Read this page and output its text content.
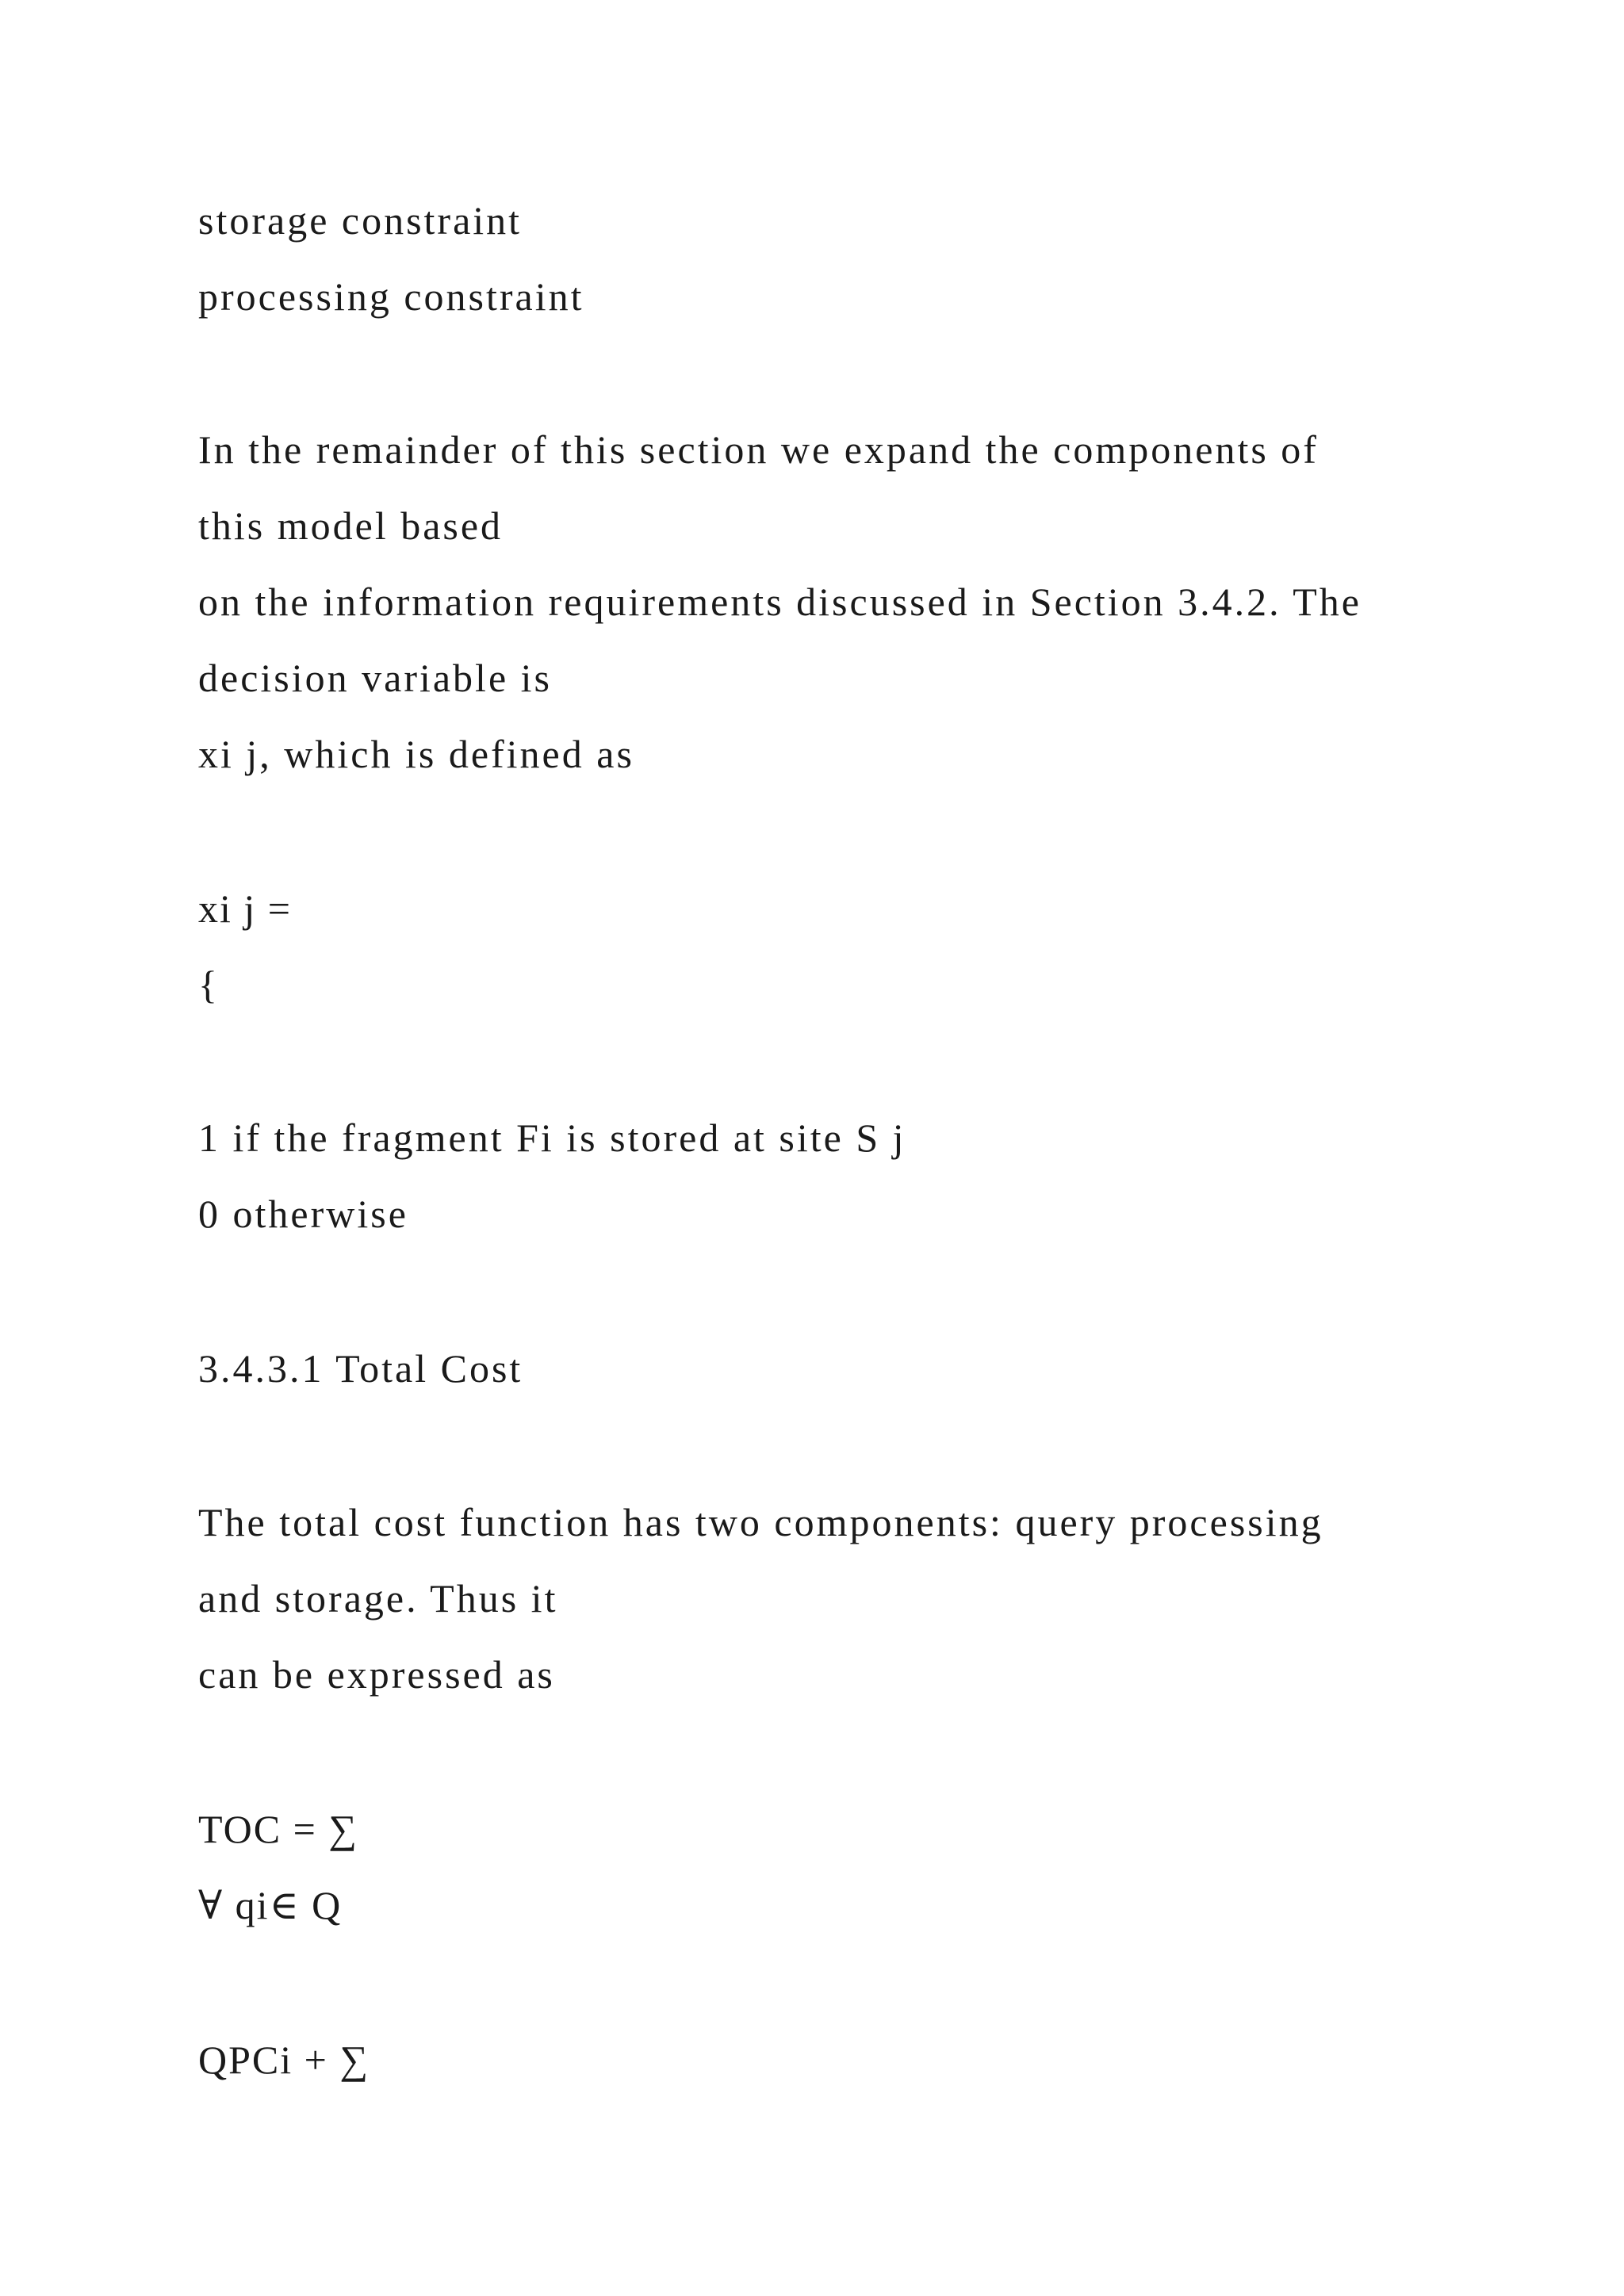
storage constraint

processing constraint

In the remainder of this section we expand the components of

this model based

on the information requirements discussed in Section 3.4.2. The

decision variable is

xi j, which is defined as

xi j =

{

1 if the fragment Fi is stored at site S j

0 otherwise

3.4.3.1 Total Cost

The total cost function has two components: query processing

and storage. Thus it

can be expressed as

TOC = ∑

∀ qi∈ Q

QPCi + ∑
